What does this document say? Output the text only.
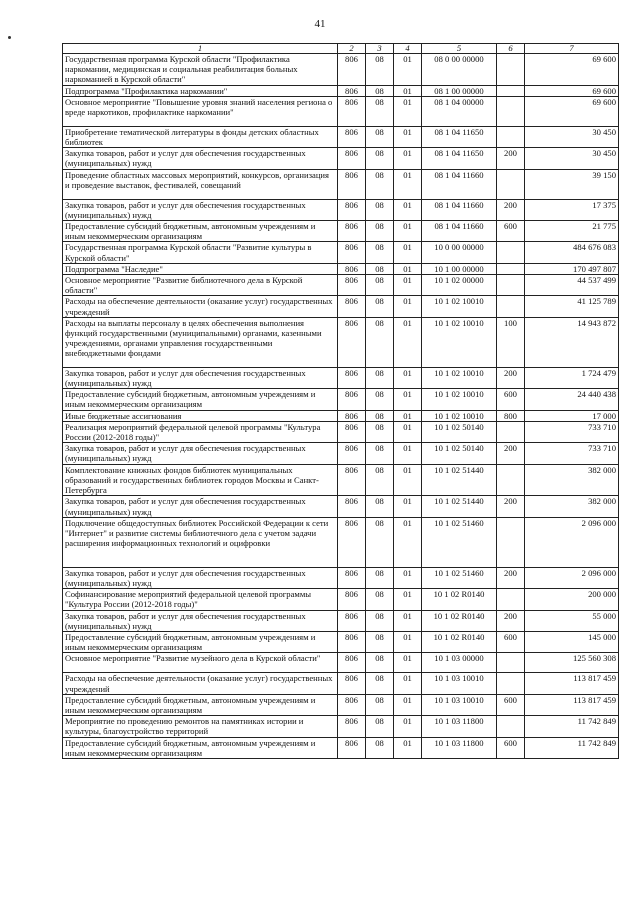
41
1	2	3	4	5	6	7
Государственная программа Курской области "Профилактика наркомании, медицинская и социальная реабилитация больных наркоманией в Курской области"	806	08	01	08 0 00 00000		69 600
Подпрограмма "Профилактика наркомании"	806	08	01	08 1 00 00000		69 600
Основное мероприятие "Повышение уровня знаний населения региона о вреде наркотиков, профилактике наркомании"	806	08	01	08 1 04 00000		69 600
Приобретение тематической литературы в фонды детских областных библиотек	806	08	01	08 1 04 11650		30 450
Закупка товаров, работ и услуг для обеспечения государственных (муниципальных) нужд	806	08	01	08 1 04 11650	200	30 450
Проведение областных массовых мероприятий, конкурсов, организация и проведение выставок, фестивалей, совещаний	806	08	01	08 1 04 11660		39 150
Закупка товаров, работ и услуг для обеспечения государственных (муниципальных) нужд	806	08	01	08 1 04 11660	200	17 375
Предоставление субсидий бюджетным, автономным учреждениям и иным некоммерческим организациям	806	08	01	08 1 04 11660	600	21 775
Государственная программа Курской области "Развитие культуры в Курской области"	806	08	01	10 0 00 00000		484 676 083
Подпрограмма "Наследие"	806	08	01	10 1 00 00000		170 497 807
Основное мероприятие "Развитие библиотечного дела в Курской области"	806	08	01	10 1 02 00000		44 537 499
Расходы на обеспечение деятельности (оказание услуг) государственных учреждений	806	08	01	10 1 02 10010		41 125 789
Расходы на выплаты персоналу в целях обеспечения выполнения функций государственными (муниципальными) органами, казенными учреждениями, органами управления государственными внебюджетными фондами	806	08	01	10 1 02 10010	100	14 943 872
Закупка товаров, работ и услуг для обеспечения государственных (муниципальных) нужд	806	08	01	10 1 02 10010	200	1 724 479
Предоставление субсидий бюджетным, автономным учреждениям и иным некоммерческим организациям	806	08	01	10 1 02 10010	600	24 440 438
Иные бюджетные ассигнования	806	08	01	10 1 02 10010	800	17 000
Реализация мероприятий федеральной целевой программы "Культура России (2012-2018 годы)"	806	08	01	10 1 02 50140		733 710
Закупка товаров, работ и услуг для обеспечения государственных (муниципальных) нужд	806	08	01	10 1 02 50140	200	733 710
Комплектование книжных фондов библиотек муниципальных образований и государственных библиотек городов Москвы и Санкт-Петербурга	806	08	01	10 1 02 51440		382 000
Закупка товаров, работ и услуг для обеспечения государственных (муниципальных) нужд	806	08	01	10 1 02 51440	200	382 000
Подключение общедоступных библиотек Российской Федерации к сети "Интернет" и развитие системы библиотечного дела с учетом задачи расширения информационных технологий и оцифровки	806	08	01	10 1 02 51460		2 096 000
Закупка товаров, работ и услуг для обеспечения государственных (муниципальных) нужд	806	08	01	10 1 02 51460	200	2 096 000
Софинансирование мероприятий федеральной целевой программы "Культура России (2012-2018 годы)"	806	08	01	10 1 02 R0140		200 000
Закупка товаров, работ и услуг для обеспечения государственных (муниципальных) нужд	806	08	01	10 1 02 R0140	200	55 000
Предоставление субсидий бюджетным, автономным учреждениям и иным некоммерческим организациям	806	08	01	10 1 02 R0140	600	145 000
Основное мероприятие "Развитие музейного дела в Курской области"	806	08	01	10 1 03 00000		125 560 308
Расходы на обеспечение деятельности (оказание услуг) государственных учреждений	806	08	01	10 1 03 10010		113 817 459
Предоставление субсидий бюджетным, автономным учреждениям и иным некоммерческим организациям	806	08	01	10 1 03 10010	600	113 817 459
Мероприятие по проведению ремонтов на памятниках истории и культуры, благоустройство территорий	806	08	01	10 1 03 11800		11 742 849
Предоставление субсидий бюджетным, автономным учреждениям и иным некоммерческим организациям	806	08	01	10 1 03 11800	600	11 742 849
